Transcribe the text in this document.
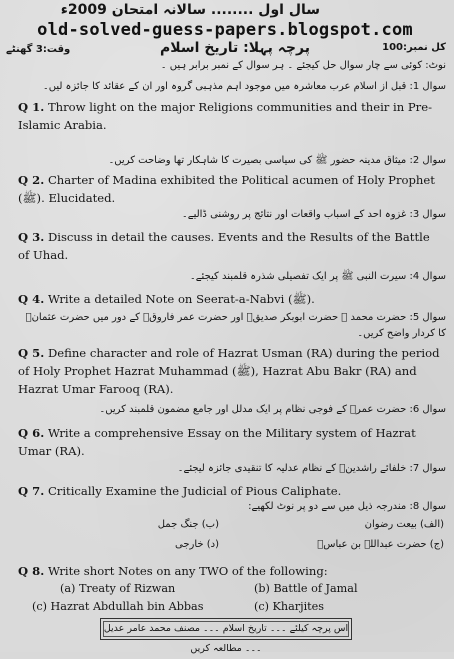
سال اول ........ سالانہ امتحان 2009ء
old-solved-guess-papers.blogspot.com
کل نمبر:100
پرچہ پہلا: تاریخ اسلام
وقت:3 گھنٹے
نوٹ: کوئی سے چار سوال حل کیجئے ۔ ہر سوال کے نمبر برابر ہیں ۔
سوال 1: قبل از اسلام عرب معاشرہ میں موجود اہم مذہبی گروہ اور ان کے عقائد کا جائزہ لیں۔
Q 1. Throw light on the major Religions communities and their in Pre-Islamic Arabia.
سوال 2: میثاق مدینہ حضور ﷺ کی سیاسی بصیرت کا شاہکار تھا وضاحت کریں۔
Q 2. Charter of Madina exhibited the Political acumen of Holy Prophet (ﷺ). Elucidated.
سوال 3: غزوہ احد کے اسباب واقعات اور نتائج پر روشنی ڈالیے۔
Q 3. Discuss in detail the causes. Events and the Results of the Battle of Uhad.
سوال 4: سیرت النبی ﷺ پر ایک تفصیلی شذرہ قلمبند کیجئے۔
Q 4. Write a detailed Note on Seerat-a-Nabvi (ﷺ).
سوال 5: حضرت محمد ﷺ حضرت ابوبکر صدیقؓ اور حضرت عمر فاروقؓ کے دور میں حضرت عثمانؓ کا کردار واضح کریں۔
Q 5. Define character and role of Hazrat Usman (RA) during the period of Holy Prophet Hazrat Muhammad (ﷺ), Hazrat Abu Bakr (RA) and Hazrat Umar Farooq (RA).
سوال 6: حضرت عمرؓ کے فوجی نظام پر ایک مدلل اور جامع مضمون قلمبند کریں۔
Q 6. Write a comprehensive Essay on the Military system of Hazrat Umar (RA).
سوال 7: خلفائے راشدینؓ کے نظام عدلیہ کا تنقیدی جائزہ لیجئے۔
Q 7. Critically Examine the Judicial of Pious Caliphate.
سوال 8: مندرجہ ذیل میں سے دو پر نوٹ لکھیے:
(الف) بیعت رضوان
(ب) جنگ جمل
(ج) حضرت عبداللہ بن عباسؓ
(د) خارجی
Q 8. Write short Notes on any TWO of the following:
(a) Treaty of Rizwan	(b) Battle of Jamal
(c) Hazrat Abdullah bin Abbas	(c) Kharjites
اس پرچہ کیلئے ۔۔۔ تاریخ اسلام ۔۔۔ مصنف محمد عامر عدیل ۔۔۔ مطالعہ کریں
